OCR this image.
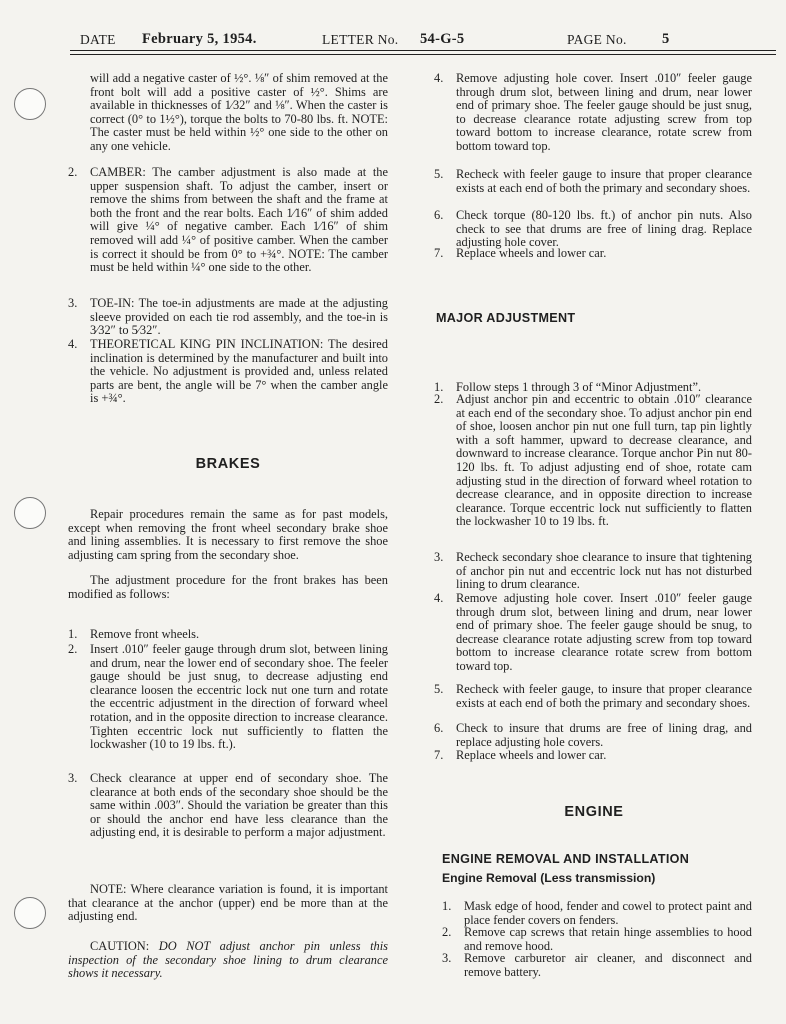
DATE February 5, 1954.	LETTER No. 54-G-5	PAGE No. 5
will add a negative caster of ½°. ⅛″ of shim removed at the front bolt will add a positive caster of ½°. Shims are available in thicknesses of 1⁄32″ and ⅛″. When the caster is correct (0° to 1½°), torque the bolts to 70-80 lbs. ft. NOTE: The caster must be held within ½° one side to the other on any one vehicle.
2. CAMBER: The camber adjustment is also made at the upper suspension shaft. To adjust the camber, insert or remove the shims from between the shaft and the frame at both the front and the rear bolts. Each 1⁄16″ of shim added will give ¼° of negative camber. Each 1⁄16″ of shim removed will add ¼° of positive camber. When the camber is correct it should be from 0° to +¾°. NOTE: The camber must be held within ¼° one side to the other.
3. TOE-IN: The toe-in adjustments are made at the adjusting sleeve provided on each tie rod assembly, and the toe-in is 3⁄32″ to 5⁄32″.
4. THEORETICAL KING PIN INCLINATION: The desired inclination is determined by the manufacturer and built into the vehicle. No adjustment is provided and, unless related parts are bent, the angle will be 7° when the camber angle is +¾°.
BRAKES
Repair procedures remain the same as for past models, except when removing the front wheel secondary brake shoe and lining assemblies. It is necessary to first remove the shoe adjusting cam spring from the secondary shoe.
The adjustment procedure for the front brakes has been modified as follows:
1. Remove front wheels.
2. Insert .010″ feeler gauge through drum slot, between lining and drum, near the lower end of secondary shoe. The feeler gauge should be just snug, to decrease adjusting end clearance loosen the eccentric lock nut one turn and rotate the eccentric adjustment in the direction of forward wheel rotation, and in the opposite direction to increase clearance. Tighten eccentric lock nut sufficiently to flatten the lockwasher (10 to 19 lbs. ft.).
3. Check clearance at upper end of secondary shoe. The clearance at both ends of the secondary shoe should be the same within .003″. Should the variation be greater than this or should the anchor end have less clearance than the adjusting end, it is desirable to perform a major adjustment.
NOTE: Where clearance variation is found, it is important that clearance at the anchor (upper) end be more than at the adjusting end.
CAUTION: DO NOT adjust anchor pin unless this inspection of the secondary shoe lining to drum clearance shows it necessary.
4. Remove adjusting hole cover. Insert .010″ feeler gauge through drum slot, between lining and drum, near lower end of primary shoe. The feeler gauge should be just snug, to decrease clearance rotate adjusting screw from top toward bottom to increase clearance, rotate screw from bottom toward top.
5. Recheck with feeler gauge to insure that proper clearance exists at each end of both the primary and secondary shoes.
6. Check torque (80-120 lbs. ft.) of anchor pin nuts. Also check to see that drums are free of lining drag. Replace adjusting hole cover.
7. Replace wheels and lower car.
MAJOR ADJUSTMENT
1. Follow steps 1 through 3 of “Minor Adjustment”.
2. Adjust anchor pin and eccentric to obtain .010″ clearance at each end of the secondary shoe. To adjust anchor pin end of shoe, loosen anchor pin nut one full turn, tap pin lightly with a soft hammer, upward to decrease clearance, and downward to increase clearance. Torque anchor Pin nut 80-120 lbs. ft. To adjust adjusting end of shoe, rotate cam adjusting stud in the direction of forward wheel rotation to decrease clearance, and in opposite direction to increase clearance. Torque eccentric lock nut sufficiently to flatten the lockwasher 10 to 19 lbs. ft.
3. Recheck secondary shoe clearance to insure that tightening of anchor pin nut and eccentric lock nut has not disturbed lining to drum clearance.
4. Remove adjusting hole cover. Insert .010″ feeler gauge through drum slot, between lining and drum, near lower end of primary shoe. The feeler gauge should be snug, to decrease clearance rotate adjusting screw from top toward bottom to increase clearance rotate screw from bottom toward top.
5. Recheck with feeler gauge, to insure that proper clearance exists at each end of both the primary and secondary shoes.
6. Check to insure that drums are free of lining drag, and replace adjusting hole covers.
7. Replace wheels and lower car.
ENGINE
ENGINE REMOVAL AND INSTALLATION
Engine Removal (Less transmission)
1. Mask edge of hood, fender and cowel to protect paint and place fender covers on fenders.
2. Remove cap screws that retain hinge assemblies to hood and remove hood.
3. Remove carburetor air cleaner, and disconnect and remove battery.
